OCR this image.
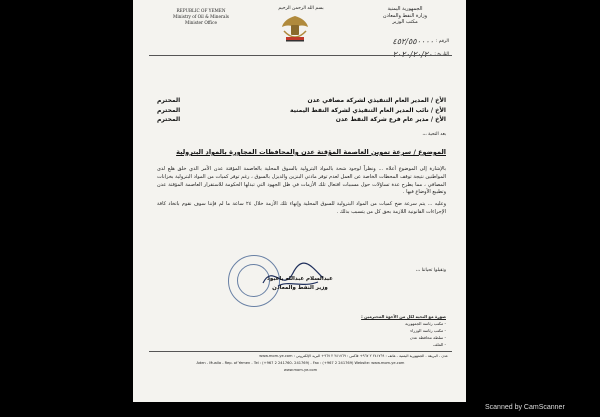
REPUBLIC OF YEMEN
Ministry of Oil & Minerals
Minister Office
بسم الله الرحمن الرحيم	الجمهورية اليمنية
وزارة النفط والمعادن
مكتب الوزير
الرقم :
٤٥٢/٥٥٠٠٠٠
الأخ / المدير العام التنفيذي لشركة مصافي عدن
المحترم
الأخ / نائب المدير العام التنفيذي لشركة النفط اليمنية
المحترم
الأخ / مدير عام فرع شركة النفط عدن
المحترم
بعد التحية ،،،
الموضوع / سرعة تموين العاصمة المؤقتة عدن والمحافظات المجاورة بالمواد البترولية

بالإشارة إلى الموضوع أعلاه ... ونظراً لوجود شحة بالمواد البترولية بالسوق المحلية بالعاصمة المؤقتة عدن الأمر الذي خلق هلع لدى المواطنين نتيجة توقف المحطات الخاصة عن العمل لعدم توفر مادتي البنزين والديزل بالسوق ، رغم توفر كميات من المواد البترولية بخزانات المصافي ، مما يطرح عدة تساؤلات حول مسببات افتعال تلك الأزمات في ظل الجهود التي تبذلها الحكومة للاستقرار العاصمة المؤقتة عدن وتطبيع الأوضاع فيها .

وعليه ... يتم سرعة ضخ كميات من المواد البترولية للسوق المحلية وإنهاء تلك الأزمة خلال ٢٤ ساعة ما لم فإننا سوف نقوم باتخاذ كافة الإجراءات القانونية اللازمة بحق كل من يتسبب بذلك .

وتقبلوا تحياتنا ،،،
عبدالسلام عبدالله باعبود
وزير النفط والمعادن
صورة مع التحية لكل من الأخوة المحترمين :
- مكتب رئاسة الجمهورية
- مكتب رئاسة الوزراء
- سلطة محافظة عدن
- الملف
عدن - البريقة - الجمهورية اليمنية - هاتف : ٢٤١٧٦٩ ٢ ٩٦٧+ فاكس : ٢٤١٧٦٩ ٢ ٩٦٧+ البريد الإلكتروني : www.mom-ye.com
Aden - Mualla - Rep. of Yemen - Tel : (+967 2 241760- 241769) - Fax : (+967 2 241769) Website: www.mom-ye.com
www.mom-ye.com
Scanned by CamScanner
